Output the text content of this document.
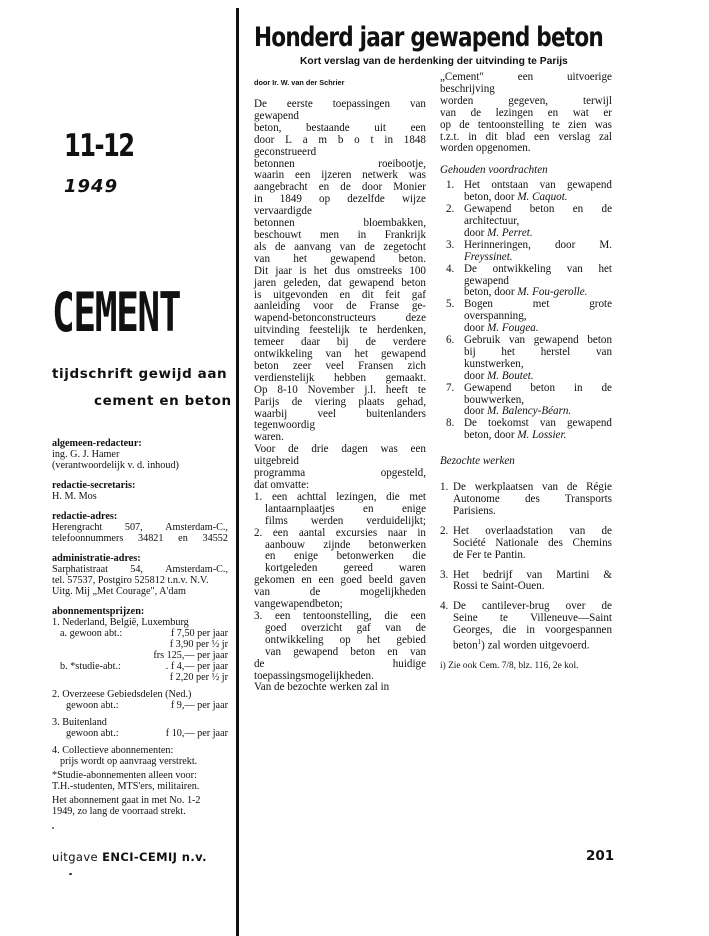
11-12
1949
CEMENT
tijdschrift gewijd aan
cement en beton
algemeen-redacteur:
ing. G. J. Hamer
(verantwoordelijk v. d. inhoud)
redactie-secretaris:
H. M. Mos
redactie-adres:
Herengracht 507, Amsterdam-C.,
telefoonnummers 34821 en 34552
administratie-adres:
Sarphatistraat 54, Amsterdam-C.,
tel. 57537, Postgiro 525812 t.n.v. N.V.
Uitg. Mij „Met Courage", A'dam
abonnementsprijzen:
1. Nederland, België, Luxemburg
a. gewoon abt.:	f 7,50 per jaar
f 3,90 per ½ jr
frs 125,— per jaar
b. *studie-abt.:	. f 4,— per jaar
f 2,20 per ½ jr
2. Overzeese Gebiedsdelen (Ned.)
gewoon abt.:	f 9,— per jaar
3. Buitenland
gewoon abt.:	f 10,— per jaar
4. Collectieve abonnementen:
prijs wordt op aanvraag verstrekt.
*Studie-abonnementen alleen voor:
T.H.-studenten, MTS'ers, militairen.
Het abonnement gaat in met No. 1-2
1949, zo lang de voorraad strekt.
uitgave ENCI-CEMIJ n.v.
Honderd jaar gewapend beton
Kort verslag van de herdenking der uitvinding te Parijs
door Ir. W. van der Schrier
De eerste toepassingen van
gewapend
beton, bestaande uit een
door L a m b o t in 1848
geconstrueerd
betonnen	roeibootje,
waarin een ijzeren netwerk was
aangebracht en de door Monier
in 1849 op dezelfde wijze
vervaardigde
betonnen	bloembakken,
beschouwt men in Frankrijk
als de aanvang van de zegetocht
van het gewapend beton.
Dit jaar is het dus omstreeks 100
jaren geleden, dat gewapend beton
is uitgevonden en dit feit gaf
aanleiding voor de Franse ge-
wapend-betonconstructeurs	deze
uitvinding feestelijk te herdenken,
temeer daar bij de verdere
ontwikkeling van het gewapend
beton zeer veel Fransen zich
verdienstelijk hebben gemaakt.
Op 8-10 November j.l. heeft te
Parijs de viering plaats gehad,
waarbij	veel	buitenlanders
tegenwoordig
waren.
Voor de drie dagen was een
uitgebreid
programma	opgesteld,
dat omvatte:
1. een achttal lezingen, die met
lantaarnplaatjes	en	enige
films werden verduidelijkt;
2. een aantal excursies naar in
aanbouw zijnde betonwerken
en enige betonwerken die
kortgeleden gereed waren
gekomen en een goed beeld gaven
van	de	mogelijkheden
vangewapendbeton;
3. een tentoonstelling, die een
goed overzicht gaf van de
ontwikkeling op het gebied
van gewapend beton en van
de	huidige
toepassingsmogelijkheden.
Van de bezochte werken zal in
„Cement"	een	uitvoerige
beschrijving
worden	gegeven,	terwijl
van de lezingen en wat er
op de tentoonstelling te zien was
t.z.t. in dit blad een verslag zal
worden opgenomen.
Gehouden voordrachten
1. Het ontstaan van gewapend
beton, door M. Caquot.
2. Gewapend beton en de
architectuur,
door M. Perret.
3. Herinneringen, door M.
Freyssinet.
4. De ontwikkeling van het
gewapend
beton, door M. Fou-gerolle.
5. Bogen	met	grote
overspanning,
door M. Fougea.
6. Gebruik van gewapend beton
bij het herstel van
kunstwerken,
door M. Boutet.
7. Gewapend beton in de
bouwwerken,
door M. Balency-Béarn.
8. De toekomst van gewapend
beton, door M. Lossier.
Bezochte werken
1. De werkplaatsen van de Régie
Autonome des Transports
Parisiens.
2. Het overlaadstation van de
Société Nationale des Chemins
de Fer te Pantin.
3. Het bedrijf van Martini &
Rossi te Saint-Ouen.
4. De cantilever-brug over de
Seine te Villeneuve—Saint
Georges, die in voorgespannen
beton$^1$) zal worden uitgevoerd.
i) Zie ook Cem. 7/8, blz. 116, 2e kol.
201
